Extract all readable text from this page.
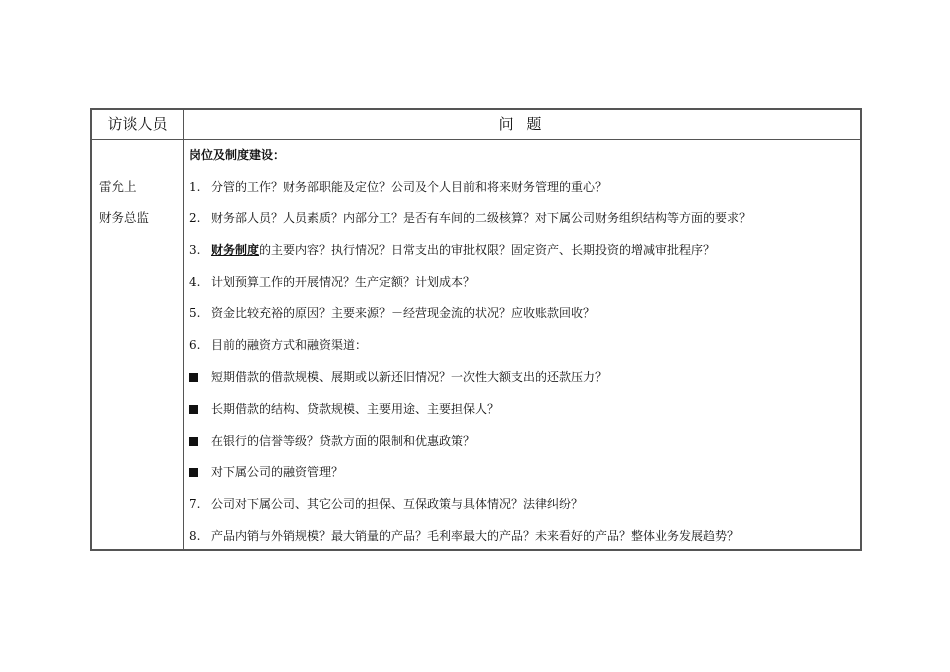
访谈人员	问 题
雷允上
财务总监
岗位及制度建设：
1. 分管的工作？财务部职能及定位？公司及个人目前和将来财务管理的重心？
2. 财务部人员？人员素质？内部分工？是否有车间的二级核算？对下属公司财务组织结构等方面的要求？
3. 财务制度的主要内容？执行情况？日常支出的审批权限？固定资产、长期投资的增减审批程序？
4. 计划预算工作的开展情况？生产定额？计划成本？
5. 资金比较充裕的原因？主要来源？－经营现金流的状况？应收账款回收？
6. 目前的融资方式和融资渠道：
短期借款的借款规模、展期或以新还旧情况？一次性大额支出的还款压力？
长期借款的结构、贷款规模、主要用途、主要担保人？
在银行的信誉等级？贷款方面的限制和优惠政策？
对下属公司的融资管理？
7. 公司对下属公司、其它公司的担保、互保政策与具体情况？法律纠纷？
8. 产品内销与外销规模？最大销量的产品？毛利率最大的产品？未来看好的产品？整体业务发展趋势？
